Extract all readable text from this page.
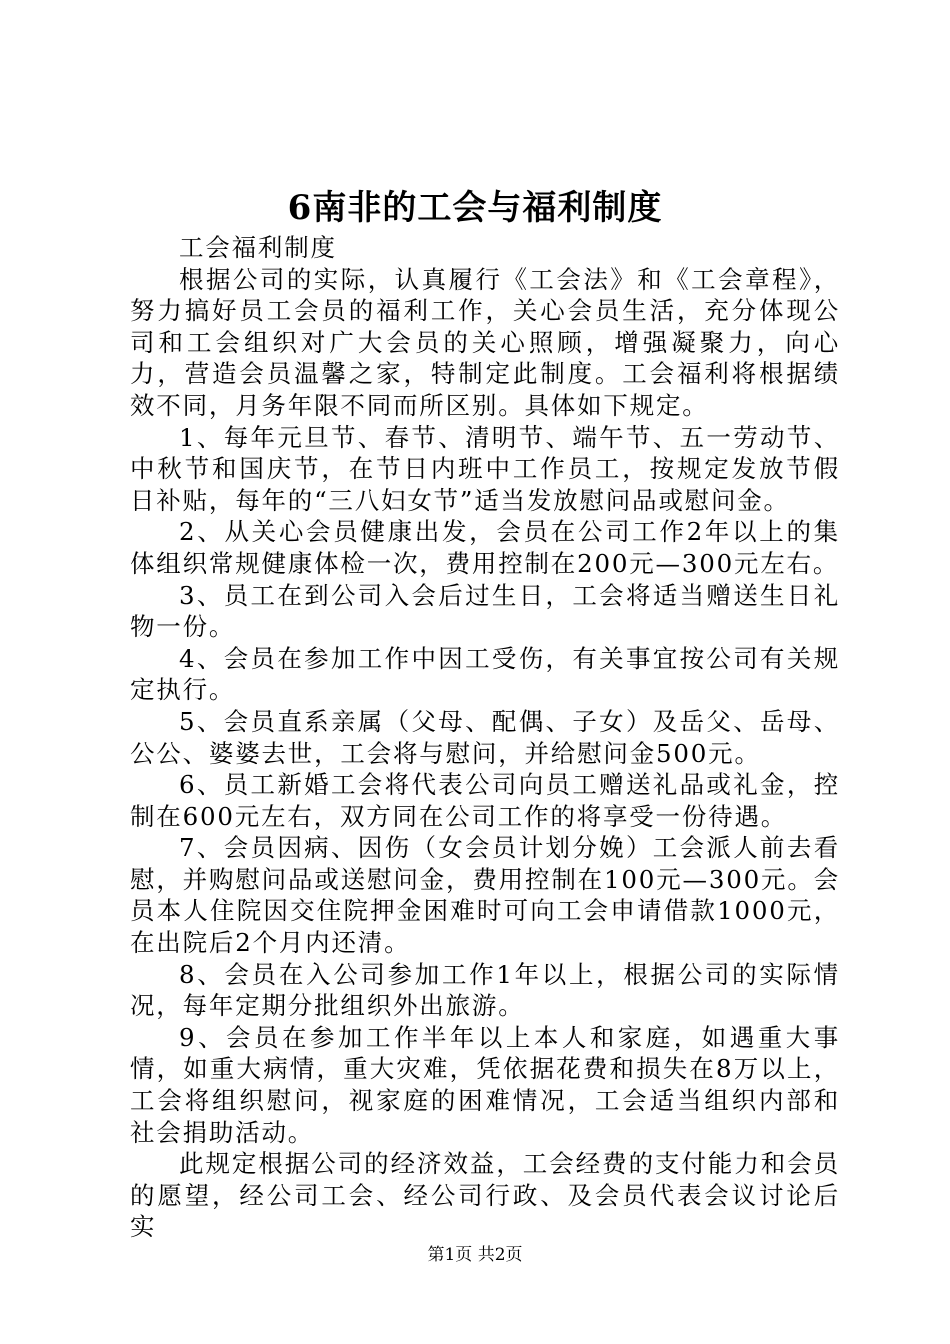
6南非的工会与福利制度

工会福利制度

根据公司的实际，认真履行《工会法》和《工会章程》，努力搞好员工会员的福利工作，关心会员生活，充分体现公司和工会组织对广大会员的关心照顾，增强凝聚力，向心力，营造会员温馨之家，特制定此制度。工会福利将根据绩效不同，月务年限不同而所区别。具体如下规定。

1、每年元旦节、春节、清明节、端午节、五一劳动节、中秋节和国庆节，在节日内班中工作员工，按规定发放节假日补贴，每年的“三八妇女节”适当发放慰问品或慰问金。

2、从关心会员健康出发，会员在公司工作2年以上的集体组织常规健康体检一次，费用控制在200元—300元左右。

3、员工在到公司入会后过生日，工会将适当赠送生日礼物一份。

4、会员在参加工作中因工受伤，有关事宜按公司有关规定执行。

5、会员直系亲属（父母、配偶、子女）及岳父、岳母、公公、婆婆去世，工会将与慰问，并给慰问金500元。

6、员工新婚工会将代表公司向员工赠送礼品或礼金，控制在600元左右，双方同在公司工作的将享受一份待遇。

7、会员因病、因伤（女会员计划分娩）工会派人前去看慰，并购慰问品或送慰问金，费用控制在100元—300元。会员本人住院因交住院押金困难时可向工会申请借款1000元，在出院后2个月内还清。

8、会员在入公司参加工作1年以上，根据公司的实际情况，每年定期分批组织外出旅游。

9、会员在参加工作半年以上本人和家庭，如遇重大事情，如重大病情，重大灾难，凭依据花费和损失在8万以上，工会将组织慰问，视家庭的困难情况，工会适当组织内部和社会捐助活动。

此规定根据公司的经济效益，工会经费的支付能力和会员的愿望，经公司工会、经公司行政、及会员代表会议讨论后实

第1页 共2页
